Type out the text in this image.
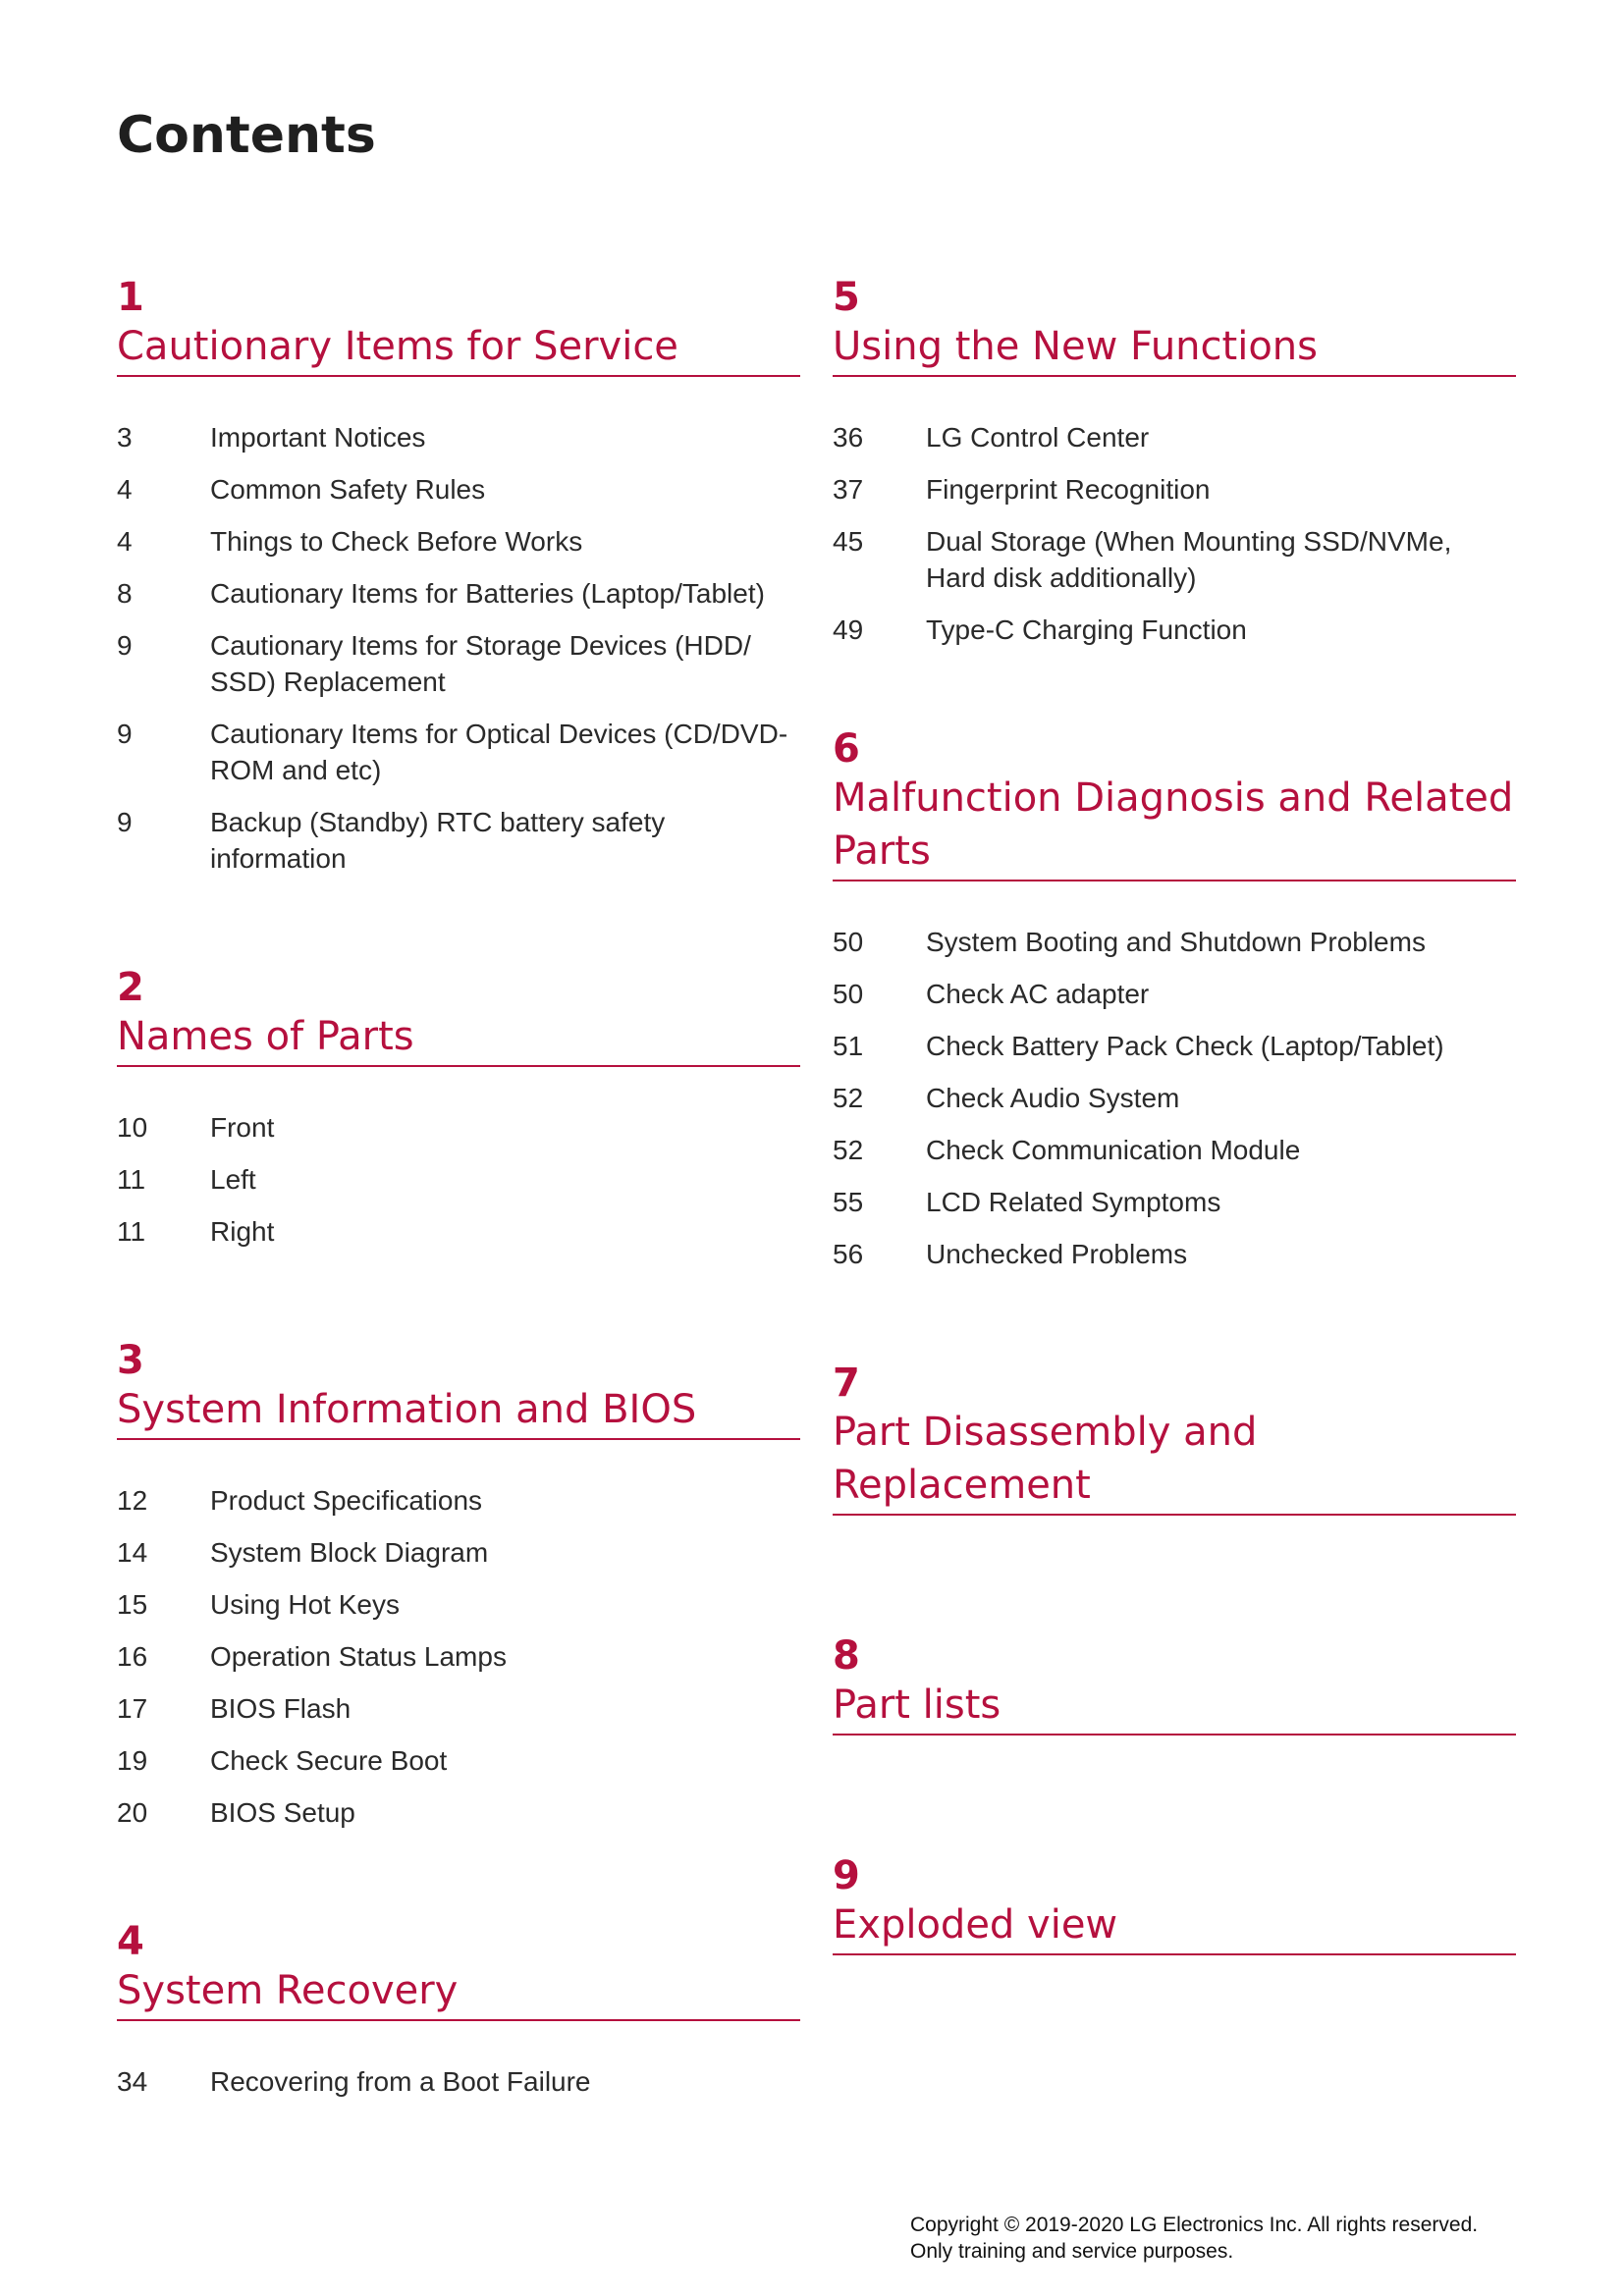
Contents
1
Cautionary Items for Service
3	Important Notices
4	Common Safety Rules
4	Things to Check Before Works
8	Cautionary Items for Batteries (Laptop/Tablet)
9	Cautionary Items for Storage Devices (HDD/ SSD) Replacement
9	Cautionary Items for Optical Devices (CD/DVD-ROM and etc)
9	Backup (Standby) RTC battery safety information
2
Names of Parts
10	Front
11	Left
11	Right
3
System Information and BIOS
12	Product Specifications
14	System Block Diagram
15	Using Hot Keys
16	Operation Status Lamps
17	BIOS Flash
19	Check Secure Boot
20	BIOS Setup
4
System Recovery
34	Recovering from a Boot Failure
5
Using the New Functions
36	LG Control Center
37	Fingerprint Recognition
45	Dual Storage (When Mounting SSD/NVMe, Hard disk additionally)
49	Type-C Charging Function
6
Malfunction Diagnosis and Related Parts
50	System Booting and Shutdown Problems
50	Check AC adapter
51	Check Battery Pack Check (Laptop/Tablet)
52	Check Audio System
52	Check Communication Module
55	LCD Related Symptoms
56	Unchecked Problems
7
Part Disassembly and Replacement
8
Part lists
9
Exploded view
Copyright © 2019-2020 LG Electronics Inc. All rights reserved.
Only training and service purposes.
